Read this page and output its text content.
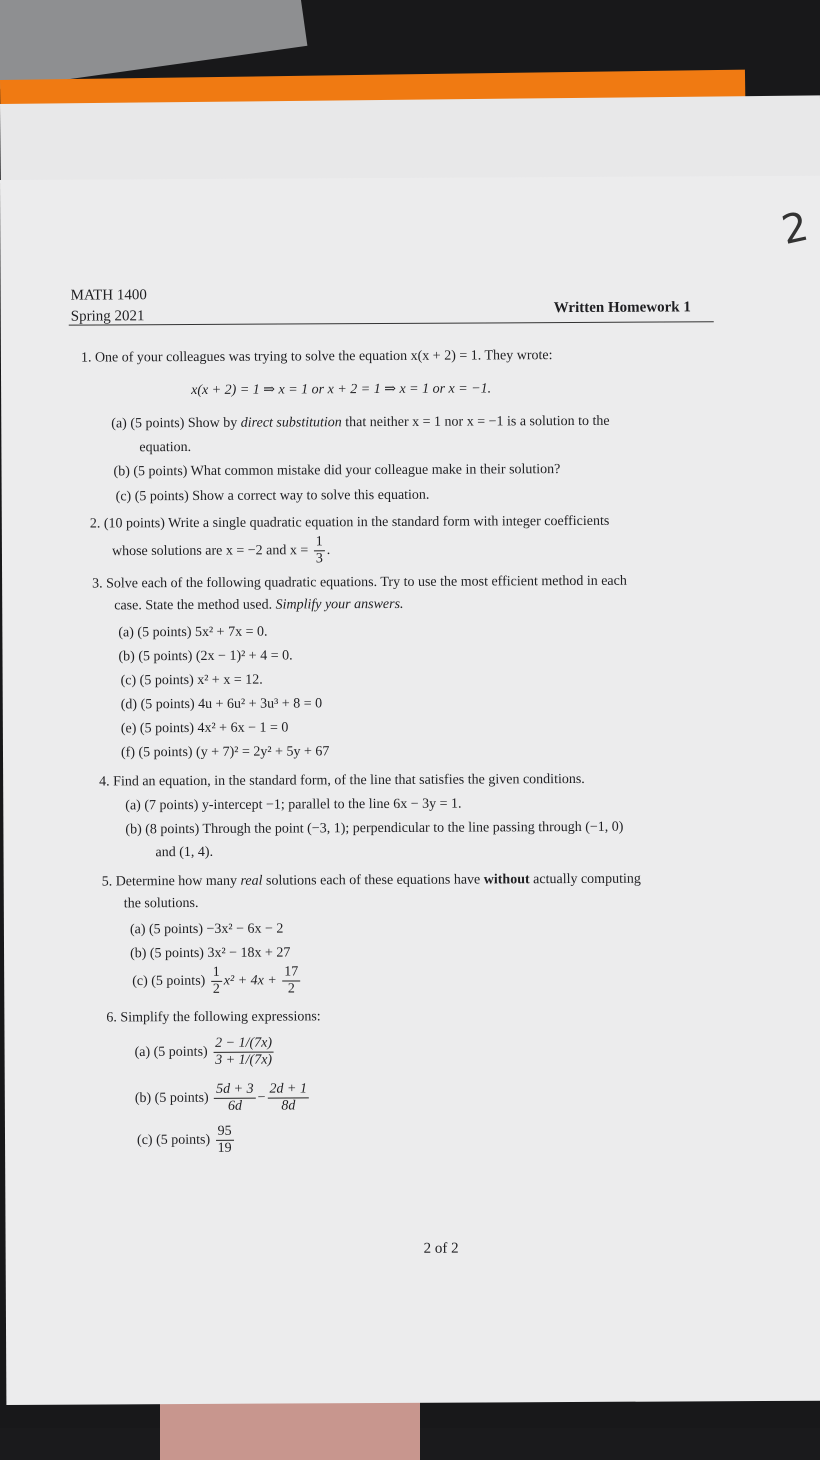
2
MATH 1400
Spring 2021
Written Homework 1
1. One of your colleagues was trying to solve the equation x(x + 2) = 1. They wrote:
x(x + 2) = 1 ⇒ x = 1 or x + 2 = 1 ⇒ x = 1 or x = −1.
(a) (5 points) Show by direct substitution that neither x = 1 nor x = −1 is a solution to the
equation.
(b) (5 points) What common mistake did your colleague make in their solution?
(c) (5 points) Show a correct way to solve this equation.
2. (10 points) Write a single quadratic equation in the standard form with integer coefficients
whose solutions are x = −2 and $x = \frac{1}{3}$ .
3. Solve each of the following quadratic equations. Try to use the most efficient method in each
case. State the method used. Simplify your answers.
(a) (5 points) 5x² + 7x = 0.
(b) (5 points) (2x − 1)² + 4 = 0.
(c) (5 points) x² + x = 12.
(d) (5 points) 4u + 6u² + 3u³ + 8 = 0
(e) (5 points) 4x² + 6x − 1 = 0
(f) (5 points) (y + 7)² = 2y² + 5y + 67
4. Find an equation, in the standard form, of the line that satisfies the given conditions.
(a) (7 points) y-intercept −1; parallel to the line 6x − 3y = 1.
(b) (8 points) Through the point (−3, 1); perpendicular to the line passing through (−1, 0)
and (1, 4).
5. Determine how many real solutions each of these equations have without actually computing
the solutions.
(a) (5 points) −3x² − 6x − 2
(b) (5 points) 3x² − 18x + 27
(c) (5 points) $\frac{1}{2} x^2 + 4x + \frac{17}{2}$
6. Simplify the following expressions:
(a) (5 points) $\frac{2 - 1/(7x)}{3 + 1/(7x)}$
(b) (5 points) $\frac{5d + 3}{6d} - \frac{2d + 1}{8d}$
(c) (5 points) $\frac{95}{19}$
2 of 2
